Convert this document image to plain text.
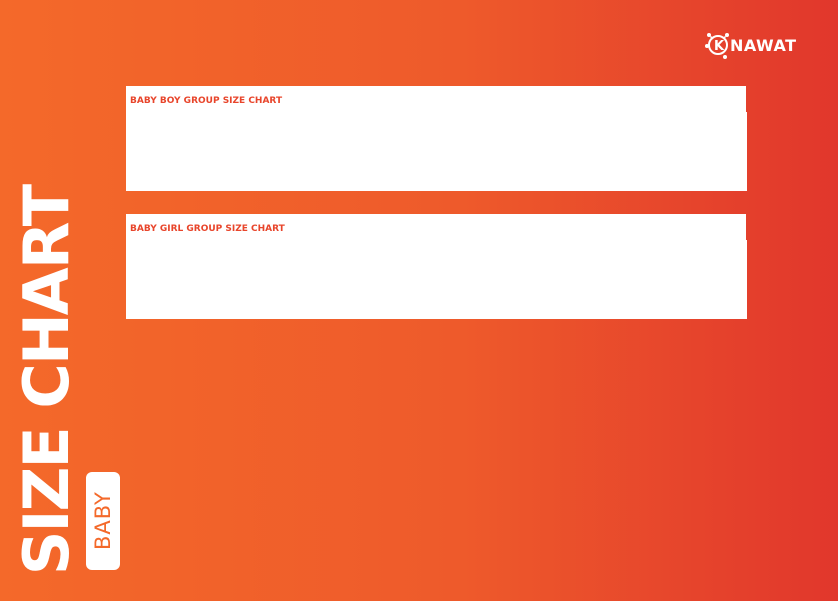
K NAWAT
SIZE CHART BABY
BABY BOY GROUP SIZE CHART
SIZES	0-3 MONTHS	3-6 MONTHS	6-9 MONTHS	9-12 MONTHS	12-18 MONTHS	18-24 MONTHS	24-36 MONTHS
Height (cm)	62	68	74.25	80	86	92	98
Chest (cm)	43	45.5	47	51	53	54	54.5
Waist (cm)	43	45	46.5	50	50	51	52.5
Basen (cm)	43	44.75	47.5	52	53	55	57
Inner Length (cm)				26.2	28.3	32.2	41
BABY GIRL GROUP SIZE CHART
SIZES	0-3 MONTHS	3-6 MONTHS	6-9 MONTHS	9-12 MONTHS	12-18 MONTHS	18-24 MONTHS	24-36 MONTHS
Height (cm)	62	68	74.25	80	86	92	98
Chest (cm)	43	45.5	47	51	53	54	54.5
Waist (cm)	43	45	46.5	50	50	51	52.5
Basen (cm)	43	44.75	47.5	52	53	55	57
Inner Length (cm)				26.2	28.3	32.2	41
